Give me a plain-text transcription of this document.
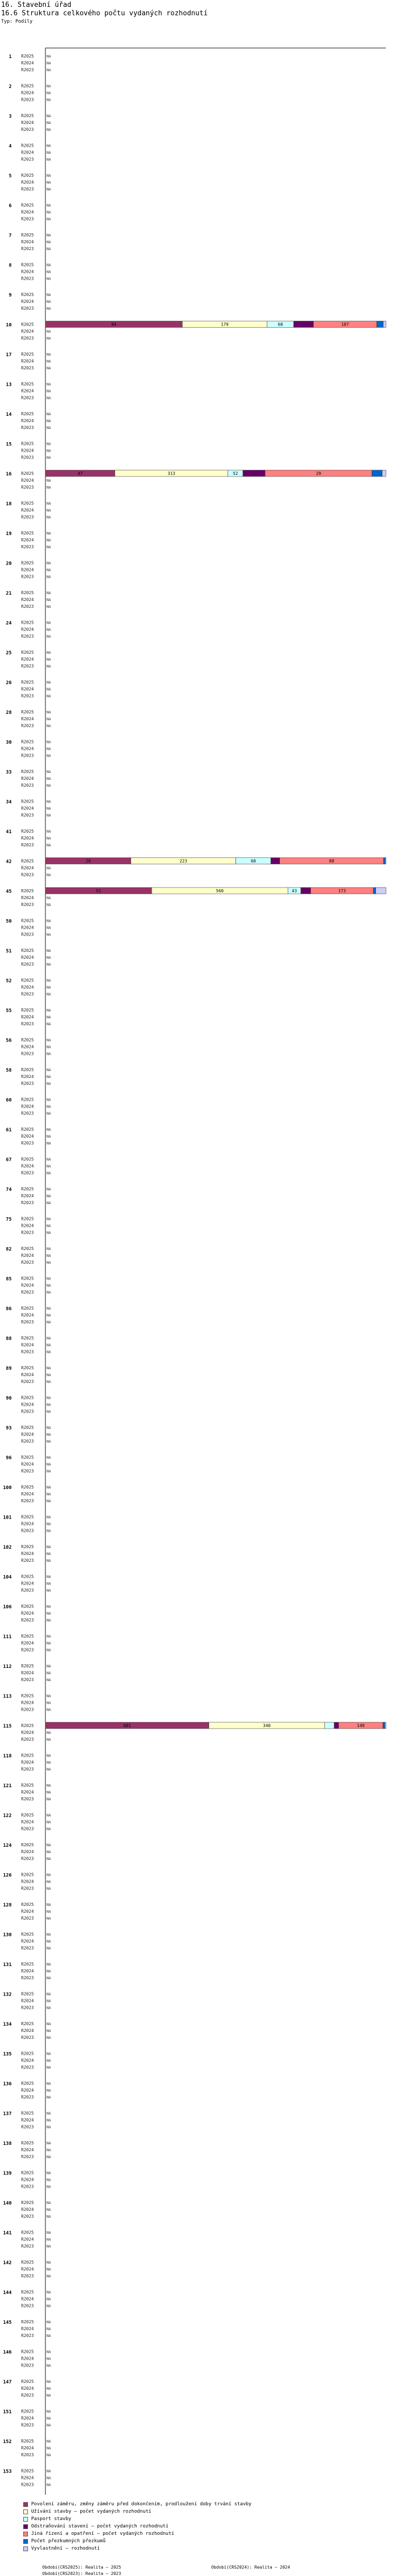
16. Stavební úřad
16.6 Struktura celkového počtu vydaných rozhodnutí
Typ: Podíly
1 R2025	NA
R2024	NA
R2023	NA
2 R2025	NA
R2024	NA
R2023	NA
3 R2025	NA
R2024	NA
R2023	NA
4 R2025	NA
R2024	NA
R2023	NA
5 R2025	NA
R2024	NA
R2023	NA
6 R2025	NA
R2024	NA
R2023	NA
7 R2025	NA
R2024	NA
R2023	NA
8 R2025	NA
R2024	NA
R2023	NA
9 R2025	NA
R2024	NA
R2023	NA
10 R2025	84	179	68	187
R2024	NA
R2023	NA
17 R2025	NA
R2024	NA
R2023	NA
13 R2025	NA
R2024	NA
R2023	NA
14 R2025	NA
R2024	NA
R2023	NA
15 R2025	NA
R2024	NA
R2023	NA
16 R2025	47	313	52	29
R2024	NA
R2023	NA
18 R2025	NA
R2024	NA
R2023	NA
19 R2025	NA
R2024	NA
R2023	NA
20 R2025	NA
R2024	NA
R2023	NA
21 R2025	NA
R2024	NA
R2023	NA
24 R2025	NA
R2024	NA
R2023	NA
25 R2025	NA
R2024	NA
R2023	NA
26 R2025	NA
R2024	NA
R2023	NA
28 R2025	NA
R2024	NA
R2023	NA
30 R2025	NA
R2024	NA
R2023	NA
33 R2025	NA
R2024	NA
R2023	NA
34 R2025	NA
R2024	NA
R2023	NA
41 R2025	NA
R2024	NA
R2023	NA
42 R2025	29	223	68	88
R2024	NA
R2023	NA
45 R2025	51	560	43	173
R2024	NA
R2023	NA
50 R2025	NA
R2024	NA
R2023	NA
51 R2025	NA
R2024	NA
R2023	NA
52 R2025	NA
R2024	NA
R2023	NA
55 R2025	NA
R2024	NA
R2023	NA
56 R2025	NA
R2024	NA
R2023	NA
58 R2025	NA
R2024	NA
R2023	NA
60 R2025	NA
R2024	NA
R2023	NA
61 R2025	NA
R2024	NA
R2023	NA
67 R2025	NA
R2024	NA
R2023	NA
74 R2025	NA
R2024	NA
R2023	NA
75 R2025	NA
R2024	NA
R2023	NA
82 R2025	NA
R2024	NA
R2023	NA
85 R2025	NA
R2024	NA
R2023	NA
86 R2025	NA
R2024	NA
R2023	NA
88 R2025	NA
R2024	NA
R2023	NA
89 R2025	NA
R2024	NA
R2023	NA
90 R2025	NA
R2024	NA
R2023	NA
93 R2025	NA
R2024	NA
R2023	NA
96 R2025	NA
R2024	NA
R2023	NA
100 R2025	NA
R2024	NA
R2023	NA
101 R2025	NA
R2024	NA
R2023	NA
102 R2025	NA
R2024	NA
R2023	NA
104 R2025	NA
R2024	NA
R2023	NA
106 R2025	NA
R2024	NA
R2023	NA
111 R2025	NA
R2024	NA
R2023	NA
112 R2025	NA
R2024	NA
R2023	NA
113 R2025	NA
R2024	NA
R2023	NA
115 R2025	681	340	149
R2024	NA
R2023	NA
118 R2025	NA
R2024	NA
R2023	NA
121 R2025	NA
R2024	NA
R2023	NA
122 R2025	NA
R2024	NA
R2023	NA
124 R2025	NA
R2024	NA
R2023	NA
126 R2025	NA
R2024	NA
R2023	NA
128 R2025	NA
R2024	NA
R2023	NA
130 R2025	NA
R2024	NA
R2023	NA
131 R2025	NA
R2024	NA
R2023	NA
132 R2025	NA
R2024	NA
R2023	NA
134 R2025	NA
R2024	NA
R2023	NA
135 R2025	NA
R2024	NA
R2023	NA
136 R2025	NA
R2024	NA
R2023	NA
137 R2025	NA
R2024	NA
R2023	NA
138 R2025	NA
R2024	NA
R2023	NA
139 R2025	NA
R2024	NA
R2023	NA
140 R2025	NA
R2024	NA
R2023	NA
141 R2025	NA
R2024	NA
R2023	NA
142 R2025	NA
R2024	NA
R2023	NA
144 R2025	NA
R2024	NA
R2023	NA
145 R2025	NA
R2024	NA
R2023	NA
146 R2025	NA
R2024	NA
R2023	NA
147 R2025	NA
R2024	NA
R2023	NA
151 R2025	NA
R2024	NA
R2023	NA
152 R2025	NA
R2024	NA
R2023	NA
153 R2025	NA
R2024	NA
R2023	NA
Povolení záměru, změny záměru před dokončením, prodloužení doby trvání stavby
Užívání stavby – počet vydaných rozhodnutí
Pasport stavby
Odstraňování stavení – počet vydaných rozhodnutí
Jiná řízení a opatření – počet vydaných rozhodnutí
Počet přezkumných přezkumů
Vyvlastnění – rozhodnutí
Období(CRS2025): Realita – 2025	Období(CRS2024): Realita – 2024
Období(CRS2023): Realita – 2023
